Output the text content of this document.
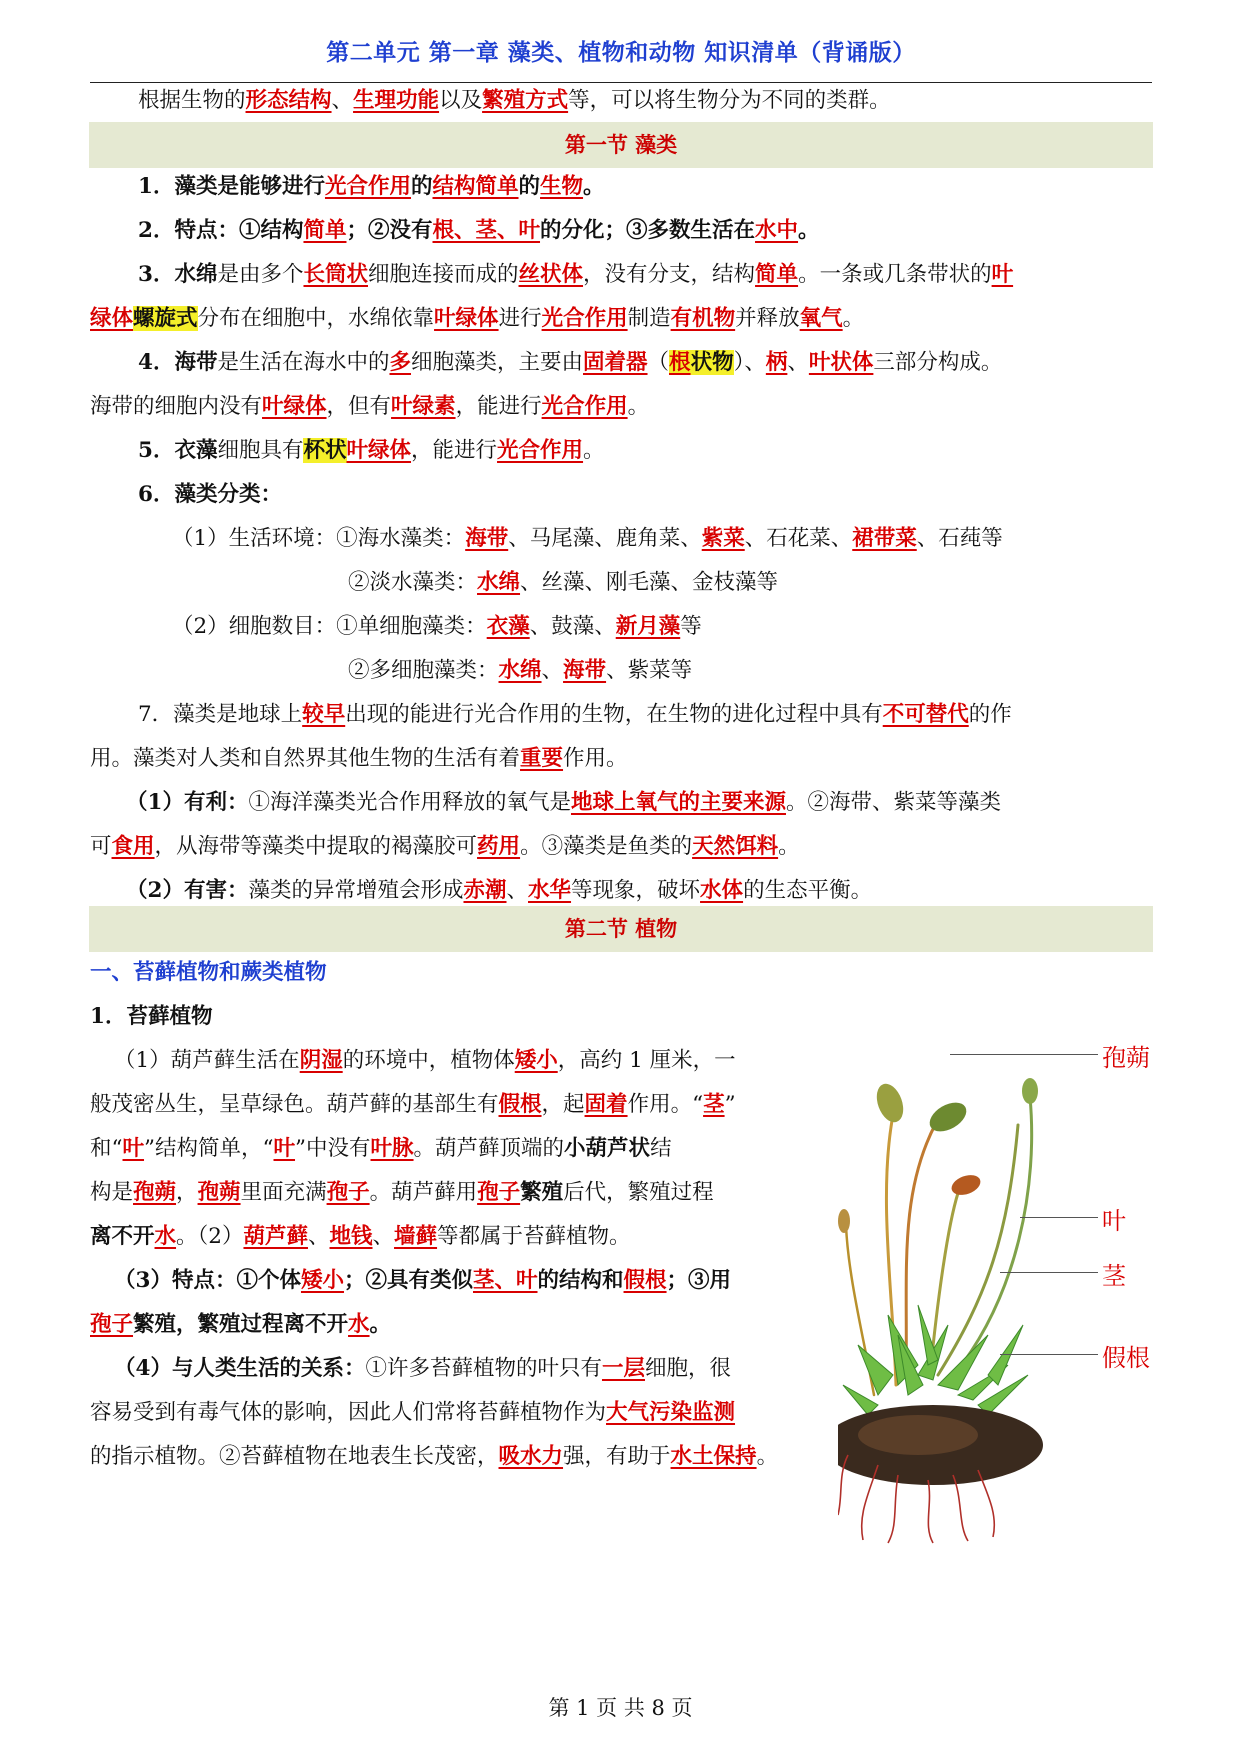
第二单元 第一章 藻类、植物和动物 知识清单（背诵版）
根据生物的形态结构、生理功能以及繁殖方式等，可以将生物分为不同的类群。
第一节 藻类
1．藻类是能够进行光合作用的结构简单的生物。
2．特点：①结构简单；②没有根、茎、叶的分化；③多数生活在水中。
3．水绵是由多个长筒状细胞连接而成的丝状体，没有分支，结构简单。一条或几条带状的叶
绿体螺旋式分布在细胞中，水绵依靠叶绿体进行光合作用制造有机物并释放氧气。
4．海带是生活在海水中的多细胞藻类，主要由固着器（根状物）、柄、叶状体三部分构成。
海带的细胞内没有叶绿体，但有叶绿素，能进行光合作用。
5．衣藻细胞具有杯状叶绿体，能进行光合作用。
6．藻类分类：
（1）生活环境：①海水藻类：海带、马尾藻、鹿角菜、紫菜、石花菜、裙带菜、石莼等
②淡水藻类：水绵、丝藻、刚毛藻、金枝藻等
（2）细胞数目：①单细胞藻类：衣藻、鼓藻、新月藻等
②多细胞藻类：水绵、海带、紫菜等
7．藻类是地球上较早出现的能进行光合作用的生物，在生物的进化过程中具有不可替代的作
用。藻类对人类和自然界其他生物的生活有着重要作用。
（1）有利：①海洋藻类光合作用释放的氧气是地球上氧气的主要来源。②海带、紫菜等藻类
可食用，从海带等藻类中提取的褐藻胶可药用。③藻类是鱼类的天然饵料。
（2）有害：藻类的异常增殖会形成赤潮、水华等现象，破坏水体的生态平衡。
第二节 植物
一、苔藓植物和蕨类植物
1．苔藓植物
（1）葫芦藓生活在阴湿的环境中，植物体矮小，高约 1 厘米，一
般茂密丛生，呈草绿色。葫芦藓的基部生有假根，起固着作用。“茎”
和“叶”结构简单，“叶”中没有叶脉。葫芦藓顶端的小葫芦状结
构是孢蒴，孢蒴里面充满孢子。葫芦藓用孢子繁殖后代，繁殖过程
离不开水。（2）葫芦藓、地钱、墙藓等都属于苔藓植物。
（3）特点：①个体矮小；②具有类似茎、叶的结构和假根；③用
孢子繁殖，繁殖过程离不开水。
（4）与人类生活的关系：①许多苔藓植物的叶只有一层细胞，很
容易受到有毒气体的影响，因此人们常将苔藓植物作为大气污染监测
的指示植物。②苔藓植物在地表生长茂密，吸水力强，有助于水土保持。
孢蒴
叶
茎
假根
第 1 页 共 8 页
